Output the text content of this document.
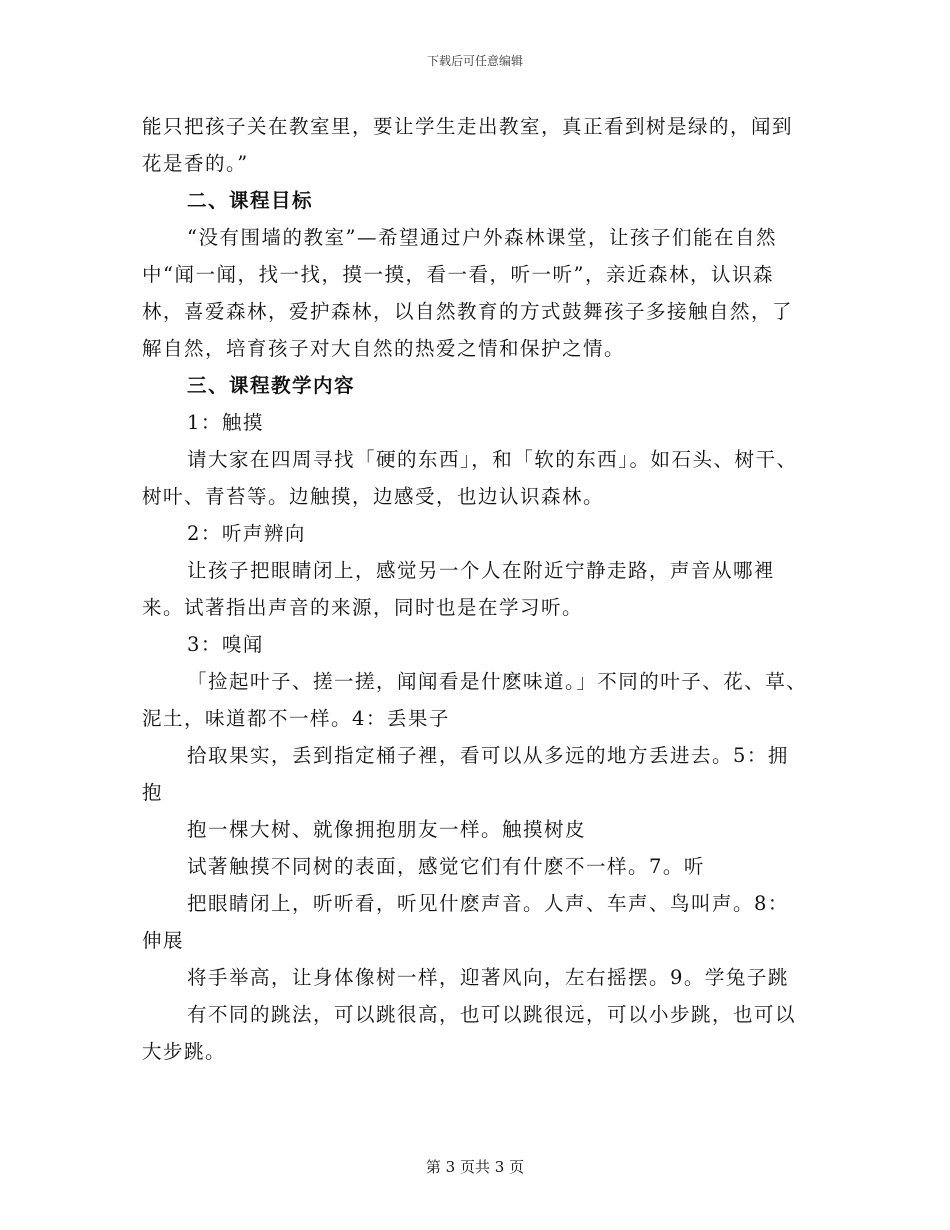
下载后可任意编辑

能只把孩子关在教室里，要让学生走出教室，真正看到树是绿的，闻到花是香的。”

二、课程目标

“没有围墙的教室”—希望通过户外森林课堂，让孩子们能在自然中“闻一闻，找一找，摸一摸，看一看，听一听”，亲近森林，认识森林，喜爱森林，爱护森林，以自然教育的方式鼓舞孩子多接触自然，了解自然，培育孩子对大自然的热爱之情和保护之情。

三、课程教学内容

1：触摸

请大家在四周寻找「硬的东西」，和「软的东西」。如石头、树干、树叶、青苔等。边触摸，边感受，也边认识森林。

2：听声辨向

让孩子把眼睛闭上，感觉另一个人在附近宁静走路，声音从哪裡来。试著指出声音的来源，同时也是在学习听。

3：嗅闻

「捡起叶子、搓一搓，闻闻看是什麽味道。」不同的叶子、花、草、泥土，味道都不一样。4：丢果子

拾取果实，丢到指定桶子裡，看可以从多远的地方丢进去。5：拥抱

抱一棵大树、就像拥抱朋友一样。触摸树皮

试著触摸不同树的表面，感觉它们有什麽不一样。7。听

把眼睛闭上，听听看，听见什麽声音。人声、车声、鸟叫声。8：伸展

将手举高，让身体像树一样，迎著风向，左右摇摆。9。学兔子跳

有不同的跳法，可以跳很高，也可以跳很远，可以小步跳，也可以大步跳。

第 3 页共 3 页
